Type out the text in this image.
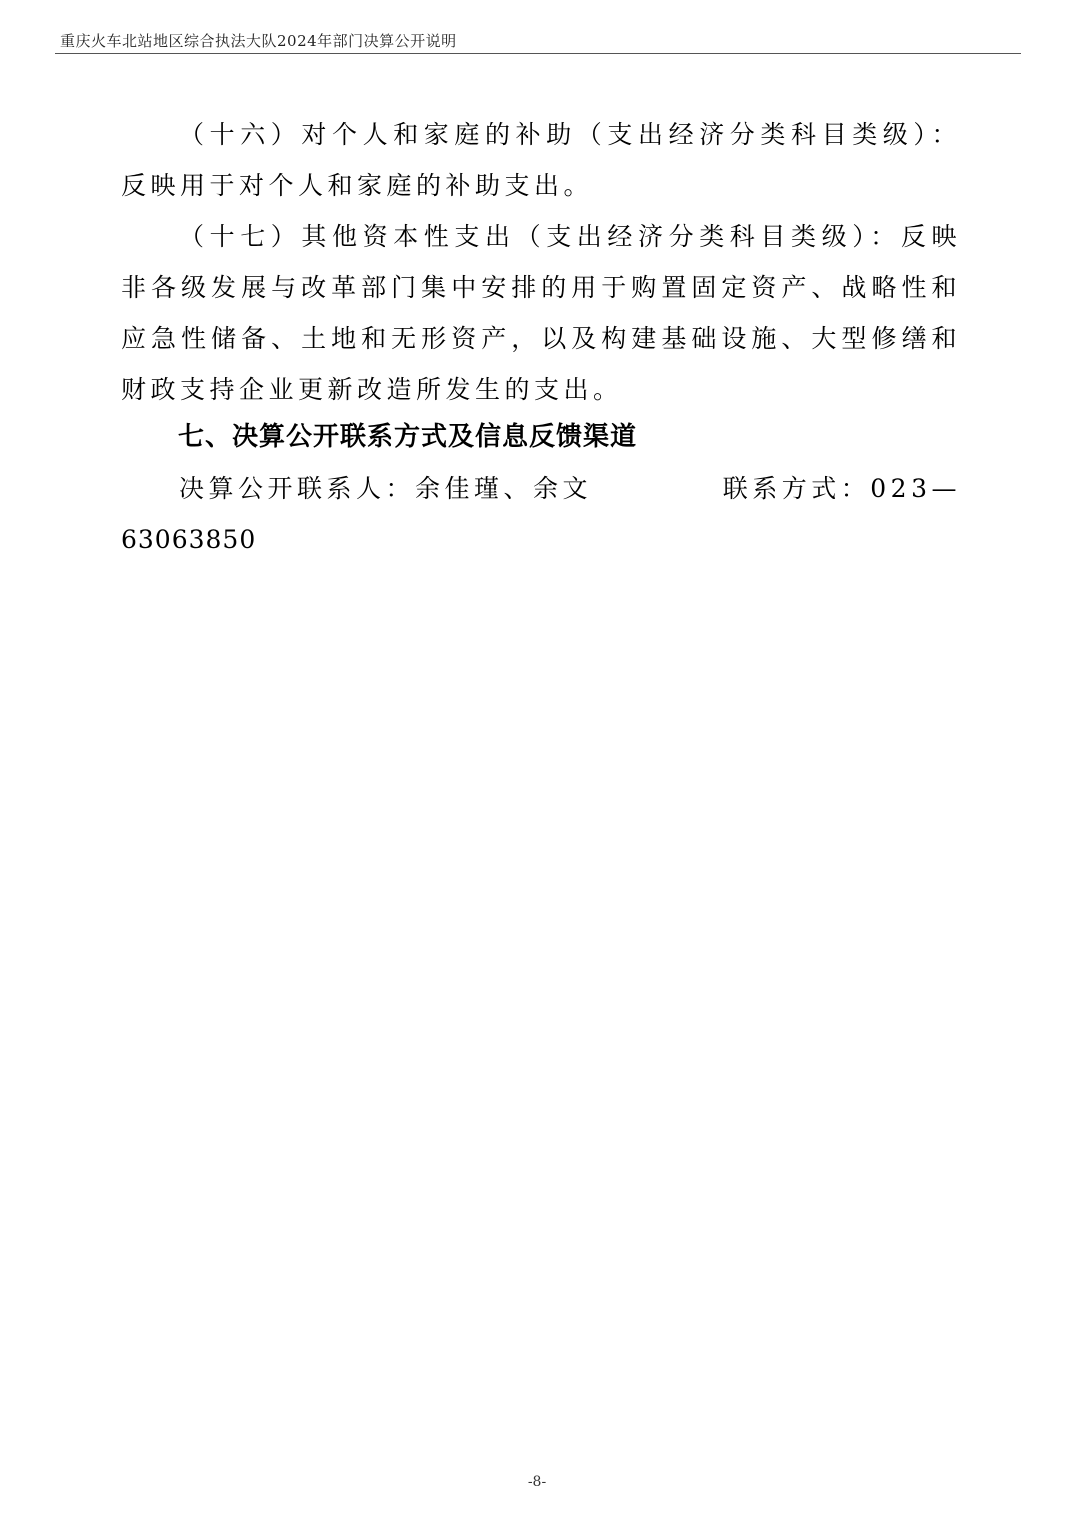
重庆火车北站地区综合执法大队2024年部门决算公开说明

（十六）对个人和家庭的补助（支出经济分类科目类级）：反映用于对个人和家庭的补助支出。

（十七）其他资本性支出（支出经济分类科目类级）：反映非各级发展与改革部门集中安排的用于购置固定资产、战略性和应急性储备、土地和无形资产，以及构建基础设施、大型修缮和财政支持企业更新改造所发生的支出。

七、决算公开联系方式及信息反馈渠道
决算公开联系人：余佳瑾、余文	联系方式：023—
63063850
-8-
